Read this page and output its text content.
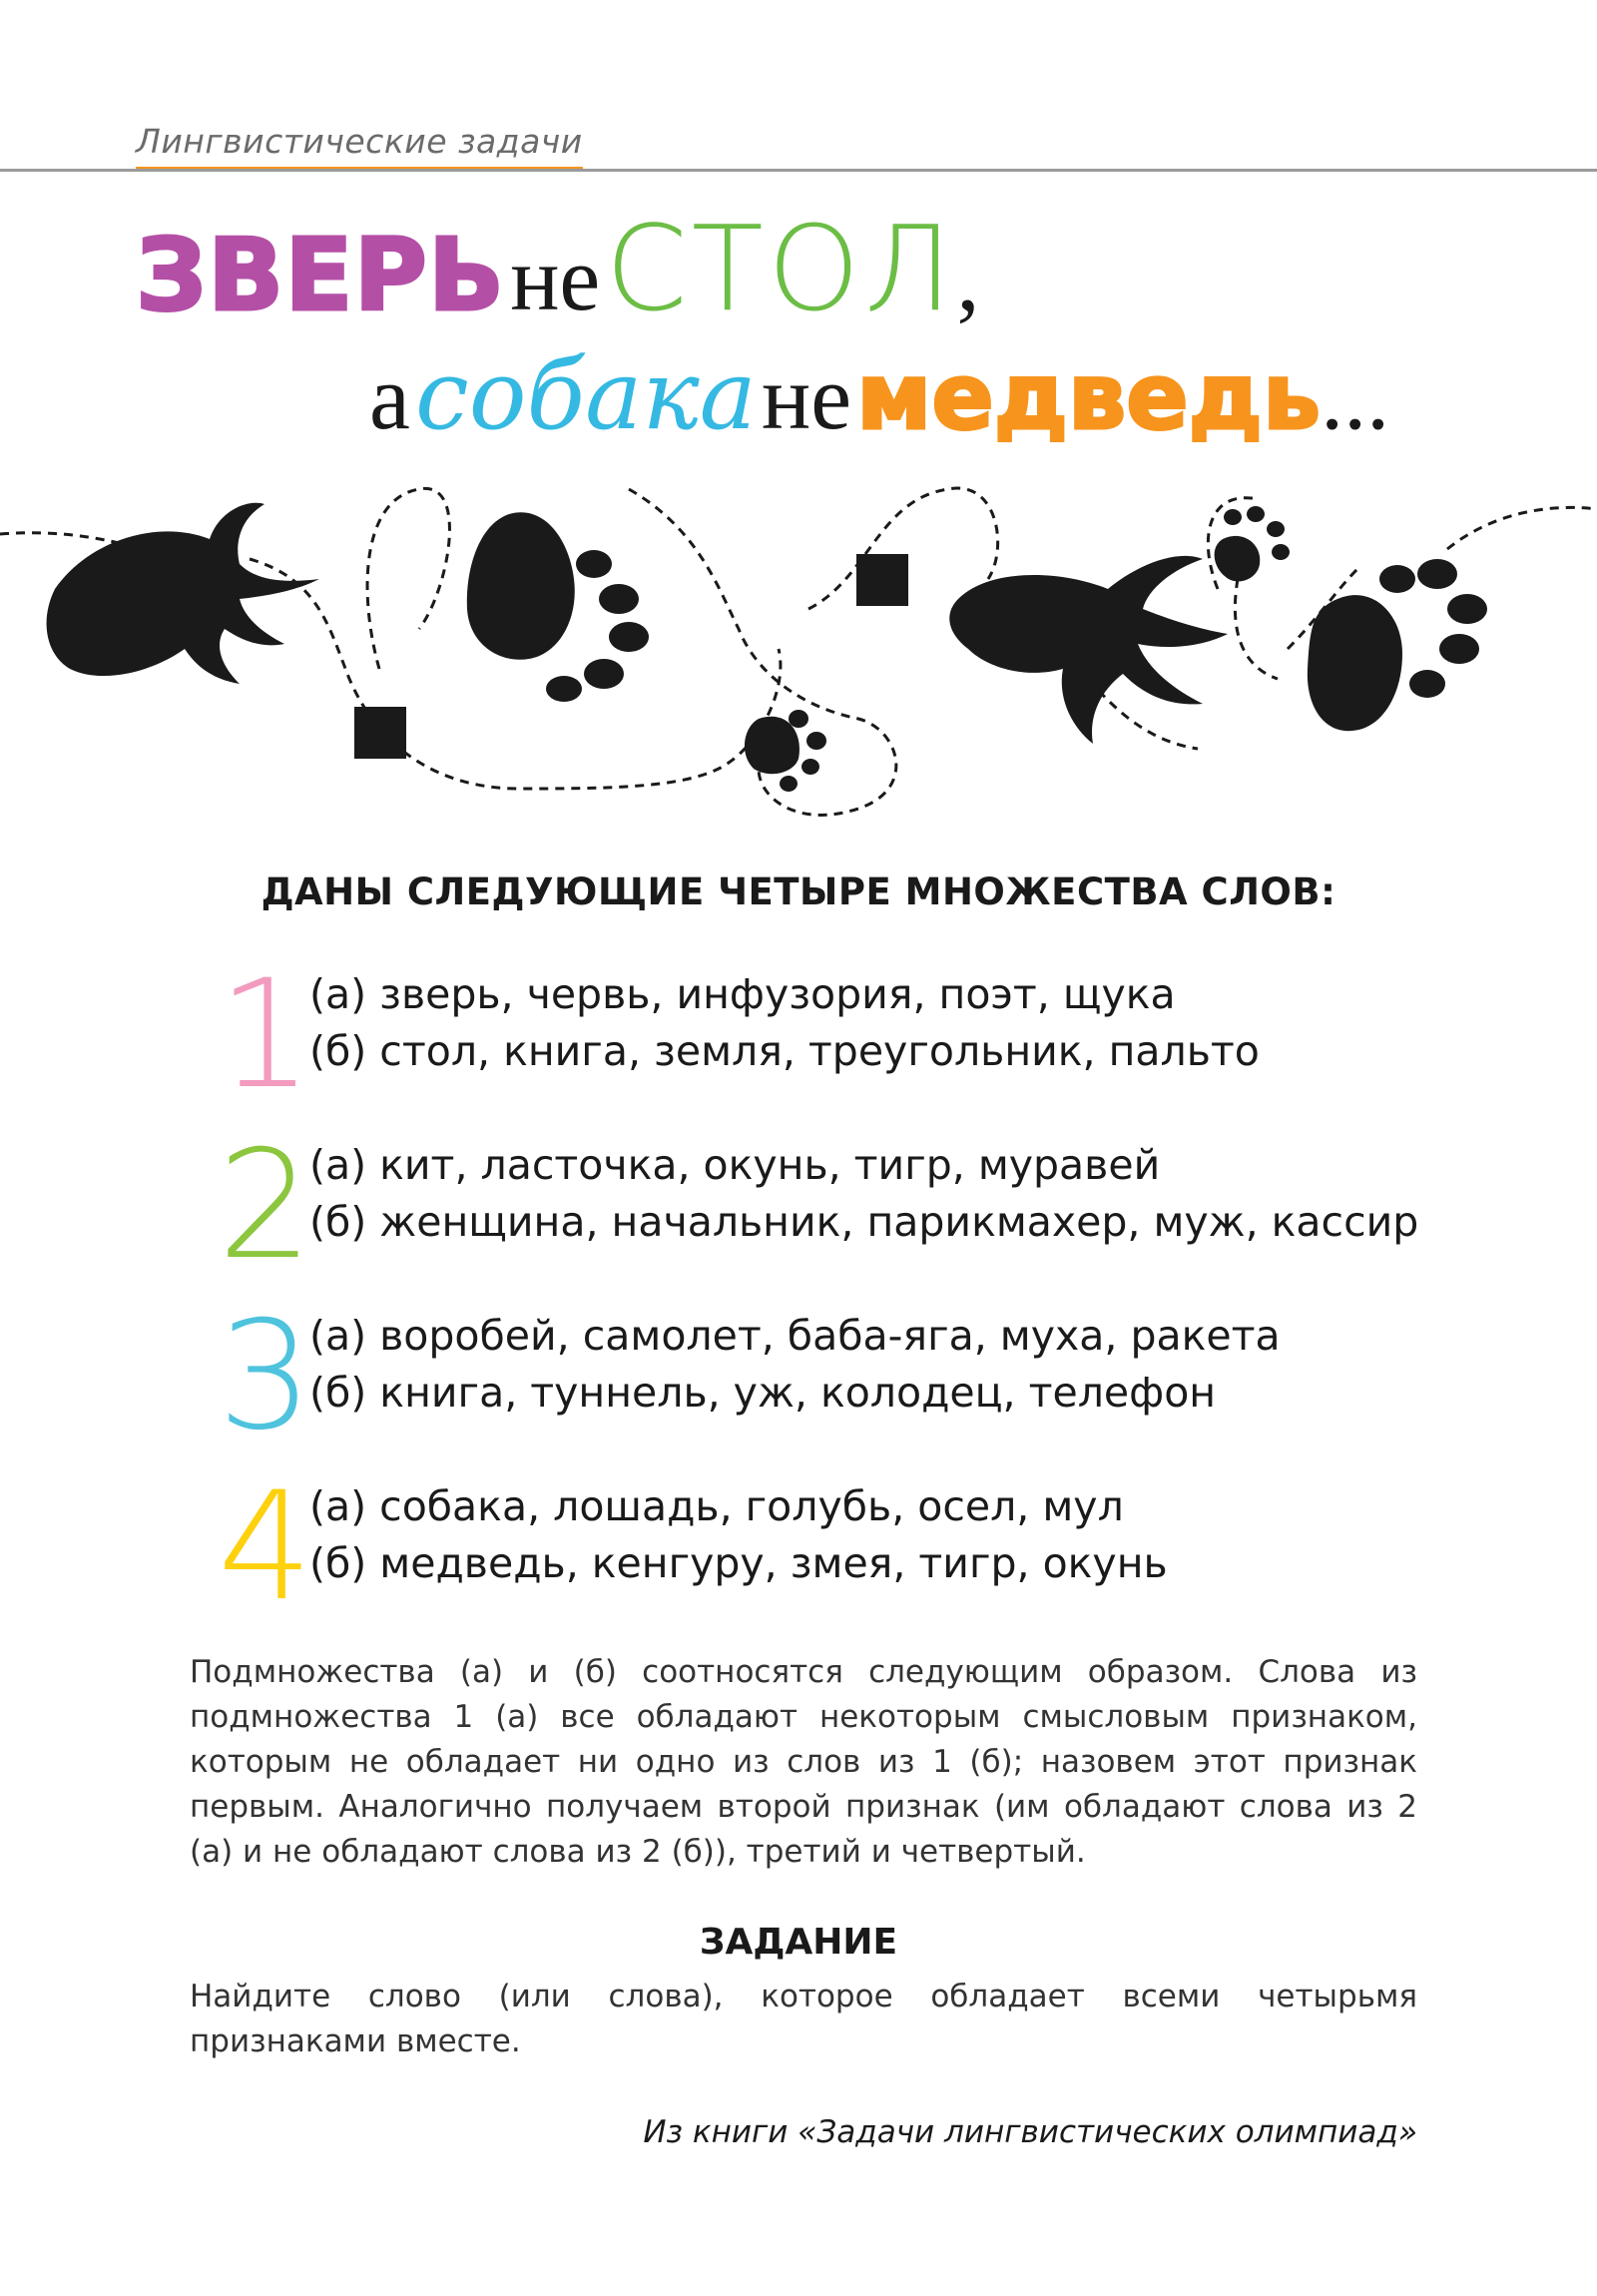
Лингвистические задачи
ЗВЕРЬ не СТОЛ,
а собака не медведь...
ДАНЫ СЛЕДУЮЩИЕ ЧЕТЫРЕ МНОЖЕСТВА СЛОВ:
1
(а) зверь, червь, инфузория, поэт, щука
(б) стол, книга, земля, треугольник, пальто
2
(а) кит, ласточка, окунь, тигр, муравей
(б) женщина, начальник, парикмахер, муж, кассир
3
(а) воробей, самолет, баба-яга, муха, ракета
(б) книга, туннель, уж, колодец, телефон
4
(а) собака, лошадь, голубь, осел, мул
(б) медведь, кенгуру, змея, тигр, окунь
Подмножества (а) и (б) соотносятся следующим образом. Слова из подмножества 1 (а) все обладают некоторым смысловым признаком, которым не обладает ни одно из слов из 1 (б); назовем этот признак первым. Аналогично получаем второй признак (им обладают слова из 2 (а) и не обладают слова из 2 (б)), третий и четвертый.
ЗАДАНИЕ
Найдите слово (или слова), которое обладает всеми четырьмя признаками вместе.
Из книги «Задачи лингвистических олимпиад»
